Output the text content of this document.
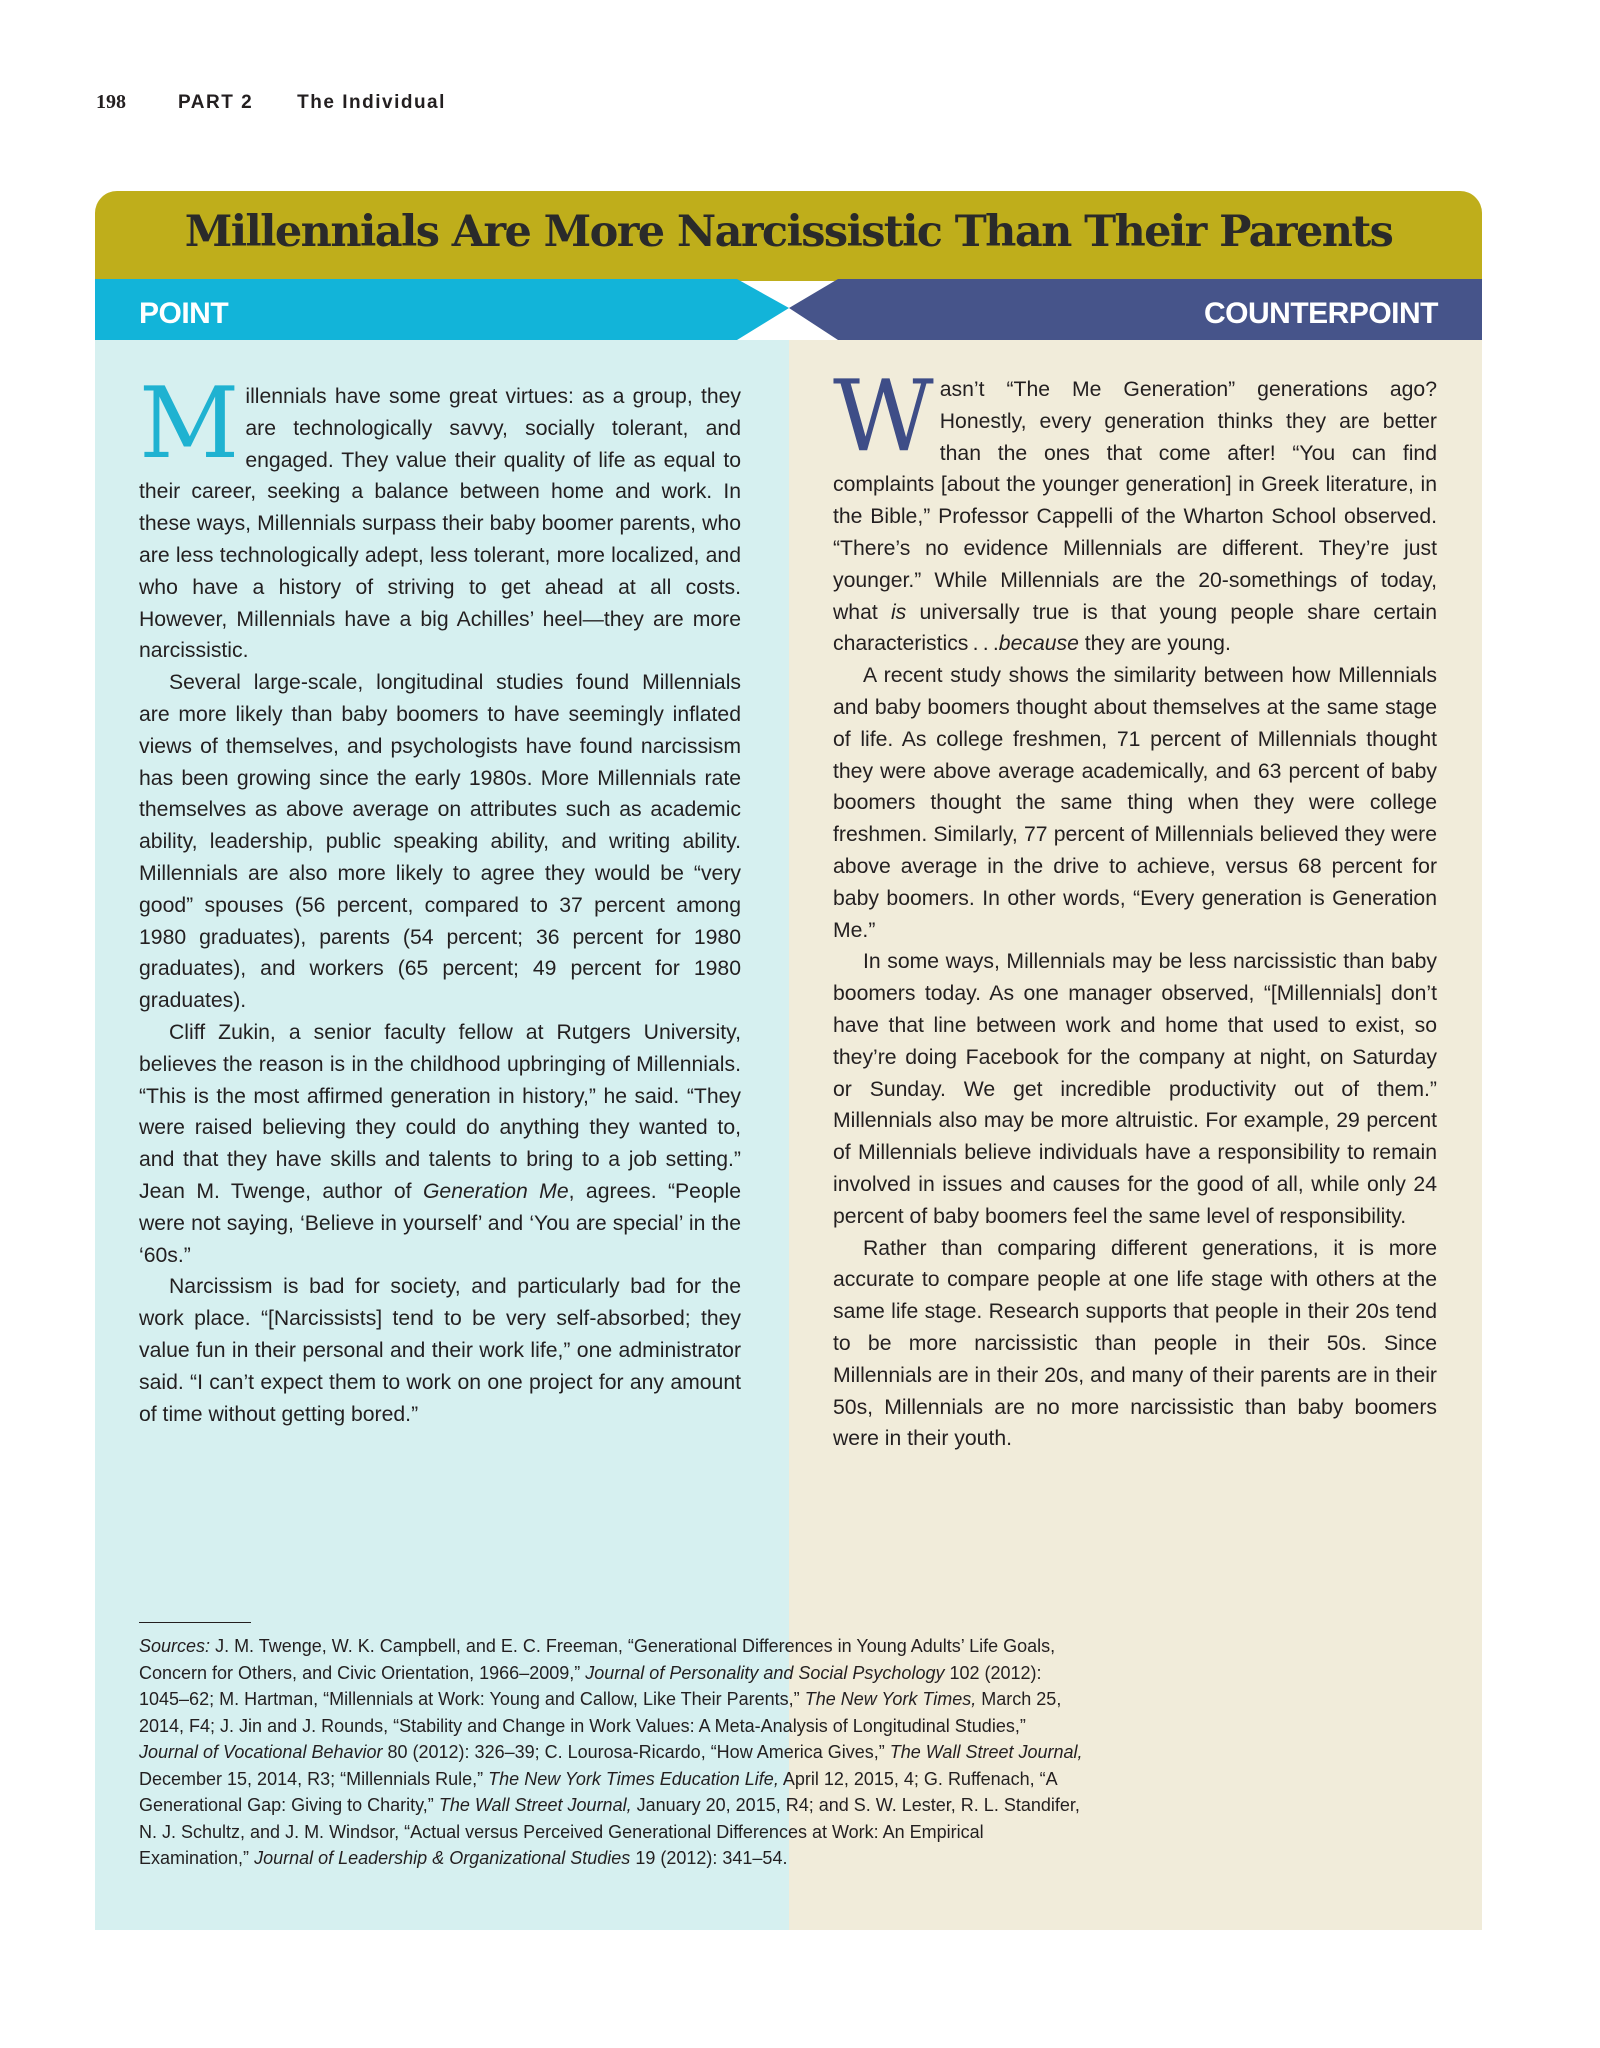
198	PART 2 The Individual
Millennials Are More Narcissistic Than Their Parents
POINT	COUNTERPOINT

Millennials have some great virtues: as a group, they are technologically savvy, socially tolerant, and engaged. They value their quality of life as equal to their career, seeking a balance between home and work. In these ways, Millennials surpass their baby boomer parents, who are less technologically adept, less tolerant, more localized, and who have a history of striving to get ahead at all costs. However, Millennials have a big Achilles’ heel—they are more narcissistic.

Several large-scale, longitudinal studies found Millennials are more likely than baby boomers to have seemingly inflated views of themselves, and psychologists have found narcissism has been growing since the early 1980s. More Millennials rate themselves as above average on attributes such as academic ability, leadership, public speaking ability, and writing ability. Millennials are also more likely to agree they would be “very good” spouses (56 percent, compared to 37 percent among 1980 graduates), parents (54 percent; 36 percent for 1980 graduates), and workers (65 percent; 49 percent for 1980 graduates).

Cliff Zukin, a senior faculty fellow at Rutgers University, believes the reason is in the childhood upbringing of Millennials. “This is the most affirmed generation in history,” he said. “They were raised believing they could do anything they wanted to, and that they have skills and talents to bring to a job setting.” Jean M. Twenge, author of Generation Me, agrees. “People were not saying, ‘Believe in yourself’ and ‘You are special’ in the ‘60s.”

Narcissism is bad for society, and particularly bad for the work place. “[Narcissists] tend to be very self-absorbed; they value fun in their personal and their work life,” one administrator said. “I can’t expect them to work on one project for any amount of time without getting bored.”

Wasn’t “The Me Generation” generations ago? Honestly, every generation thinks they are better than the ones that come after! “You can find complaints [about the younger generation] in Greek literature, in the Bible,” Professor Cappelli of the Wharton School observed. “There’s no evidence Millennials are different. They’re just younger.” While Millennials are the 20-somethings of today, what is universally true is that young people share certain characteristics . . .because they are young.

A recent study shows the similarity between how Millennials and baby boomers thought about themselves at the same stage of life. As college freshmen, 71 percent of Millennials thought they were above average academically, and 63 percent of baby boomers thought the same thing when they were college freshmen. Similarly, 77 percent of Millennials believed they were above average in the drive to achieve, versus 68 percent for baby boomers. In other words, “Every generation is Generation Me.”

In some ways, Millennials may be less narcissistic than baby boomers today. As one manager observed, “[Millennials] don’t have that line between work and home that used to exist, so they’re doing Facebook for the company at night, on Saturday or Sunday. We get incredible productivity out of them.” Millennials also may be more altruistic. For example, 29 percent of Millennials believe individuals have a responsibility to remain involved in issues and causes for the good of all, while only 24 percent of baby boomers feel the same level of responsibility.

Rather than comparing different generations, it is more accurate to compare people at one life stage with others at the same life stage. Research supports that people in their 20s tend to be more narcissistic than people in their 50s. Since Millennials are in their 20s, and many of their parents are in their 50s, Millennials are no more narcissistic than baby boomers were in their youth.

Sources: J. M. Twenge, W. K. Campbell, and E. C. Freeman, “Generational Differences in Young Adults’ Life Goals, Concern for Others, and Civic Orientation, 1966–2009,” Journal of Personality and Social Psychology 102 (2012): 1045–62; M. Hartman, “Millennials at Work: Young and Callow, Like Their Parents,” The New York Times, March 25, 2014, F4; J. Jin and J. Rounds, “Stability and Change in Work Values: A Meta-Analysis of Longitudinal Studies,” Journal of Vocational Behavior 80 (2012): 326–39; C. Lourosa-Ricardo, “How America Gives,” The Wall Street Journal, December 15, 2014, R3; “Millennials Rule,” The New York Times Education Life, April 12, 2015, 4; G. Ruffenach, “A Generational Gap: Giving to Charity,” The Wall Street Journal, January 20, 2015, R4; and S. W. Lester, R. L. Standifer, N. J. Schultz, and J. M. Windsor, “Actual versus Perceived Generational Differences at Work: An Empirical Examination,” Journal of Leadership & Organizational Studies 19 (2012): 341–54.
